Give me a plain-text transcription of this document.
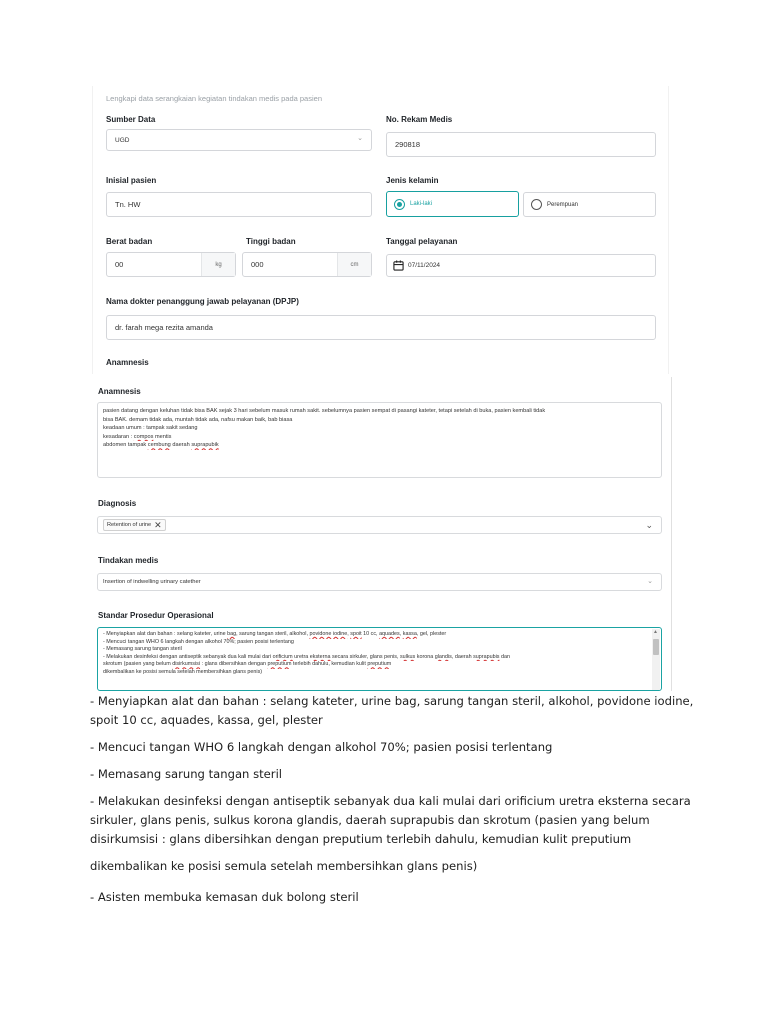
Lengkapi data serangkaian kegiatan tindakan medis pada pasien
Sumber Data
UGD	⌄
No. Rekam Medis
290818
Inisial pasien
Tn. HW
Jenis kelamin
Laki-laki	Perempuan
Berat badan
00	kg
Tinggi badan
000	cm
Tanggal pelayanan
07/11/2024
Nama dokter penanggung jawab pelayanan (DPJP)
dr. farah mega rezita amanda
Anamnesis
Anamnesis
pasien datang dengan keluhan tidak bisa BAK sejak 3 hari sebelum masuk rumah sakit. sebelumnya pasien sempat di pasangi kateter, tetapi setelah di buka, pasien kembali tidak
bisa BAK. demam tidak ada, muntah tidak ada, nafsu makan baik, bab biasa
keadaan umum : tampak sakit sedang
kesadaran : compos mentis
abdomen tampak cembung daerah suprapubik
Diagnosis
Retention of urine ✕	⌄
Tindakan medis
Insertion of indwelling urinary catether	⌄
Standar Prosedur Operasional
- Menyiapkan alat dan bahan : selang kateter, urine bag, sarung tangan steril, alkohol, povidone iodine, spoit 10 cc, aquades, kassa, gel, plester
- Mencuci tangan WHO 6 langkah dengan alkohol 70%; pasien posisi terlentang
- Memasang sarung tangan steril
- Melakukan desinfeksi dengan antiseptik sebanyak dua kali mulai dari orificium uretra eksterna secara sirkuler, glans penis, sulkus korona glandis, daerah suprapubis dan
skrotum (pasien yang belum disirkumsisi : glans dibersihkan dengan preputium terlebih dahulu, kemudian kulit preputium
dikembalikan ke posisi semula setelah membersihkan glans penis)
▲

- Menyiapkan alat dan bahan : selang kateter, urine bag, sarung tangan steril, alkohol, povidone iodine, spoit 10 cc, aquades, kassa, gel, plester

- Mencuci tangan WHO 6 langkah dengan alkohol 70%; pasien posisi terlentang

- Memasang sarung tangan steril

- Melakukan desinfeksi dengan antiseptik sebanyak dua kali mulai dari orificium uretra eksterna secara sirkuler, glans penis, sulkus korona glandis, daerah suprapubis dan skrotum (pasien yang belum disirkumsisi : glans dibersihkan dengan preputium terlebih dahulu, kemudian kulit preputium

dikembalikan ke posisi semula setelah membersihkan glans penis)

- Asisten membuka kemasan duk bolong steril
